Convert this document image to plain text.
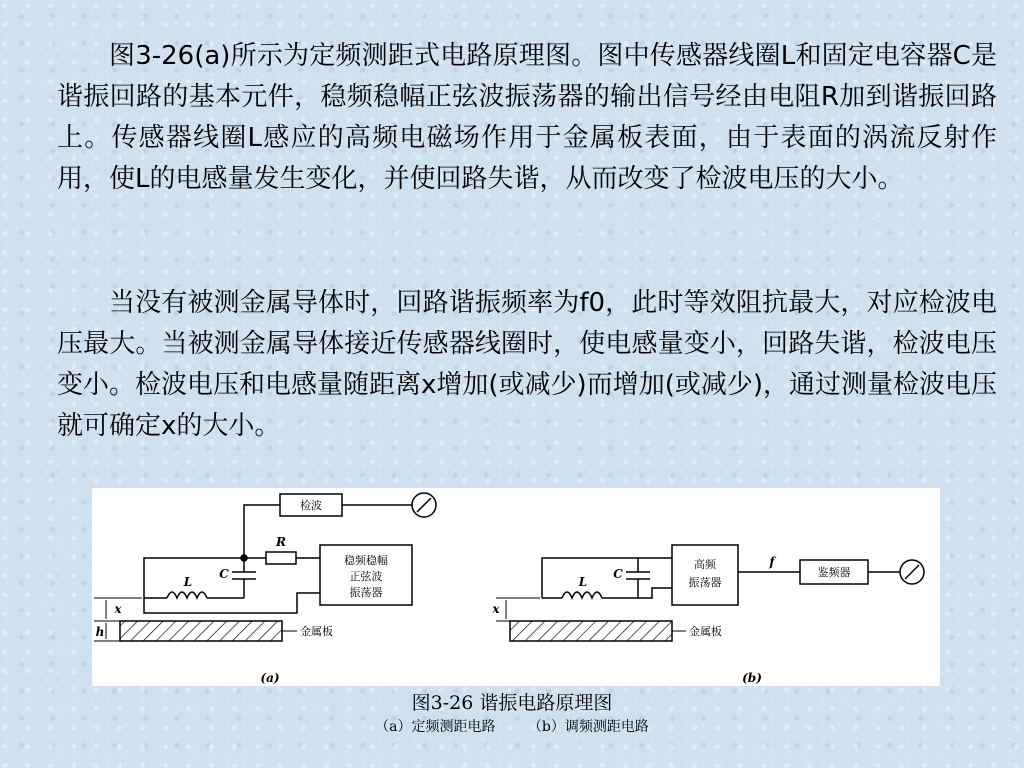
图3-26(a)所示为定频测距式电路原理图。图中传感器线圈L和固定电容器C是谐振回路的基本元件，稳频稳幅正弦波振荡器的输出信号经由电阻R加到谐振回路上。传感器线圈L感应的高频电磁场作用于金属板表面，由于表面的涡流反射作用，使L的电感量发生变化，并使回路失谐，从而改变了检波电压的大小。

当没有被测金属导体时，回路谐振频率为f0，此时等效阻抗最大，对应检波电压最大。当被测金属导体接近传感器线圈时，使电感量变小，回路失谐，检波电压变小。检波电压和电感量随距离x增加(或减少)而增加(或减少)，通过测量检波电压就可确定x的大小。

检波
R
稳频稳幅
正弦波
振荡器
L
C
x
h	金属板
(a)
高频
振荡器
f
鉴频器
L
C
x
金属板
(b)

图3-26 谐振电路原理图

（a）定频测距电路 （b）调频测距电路
